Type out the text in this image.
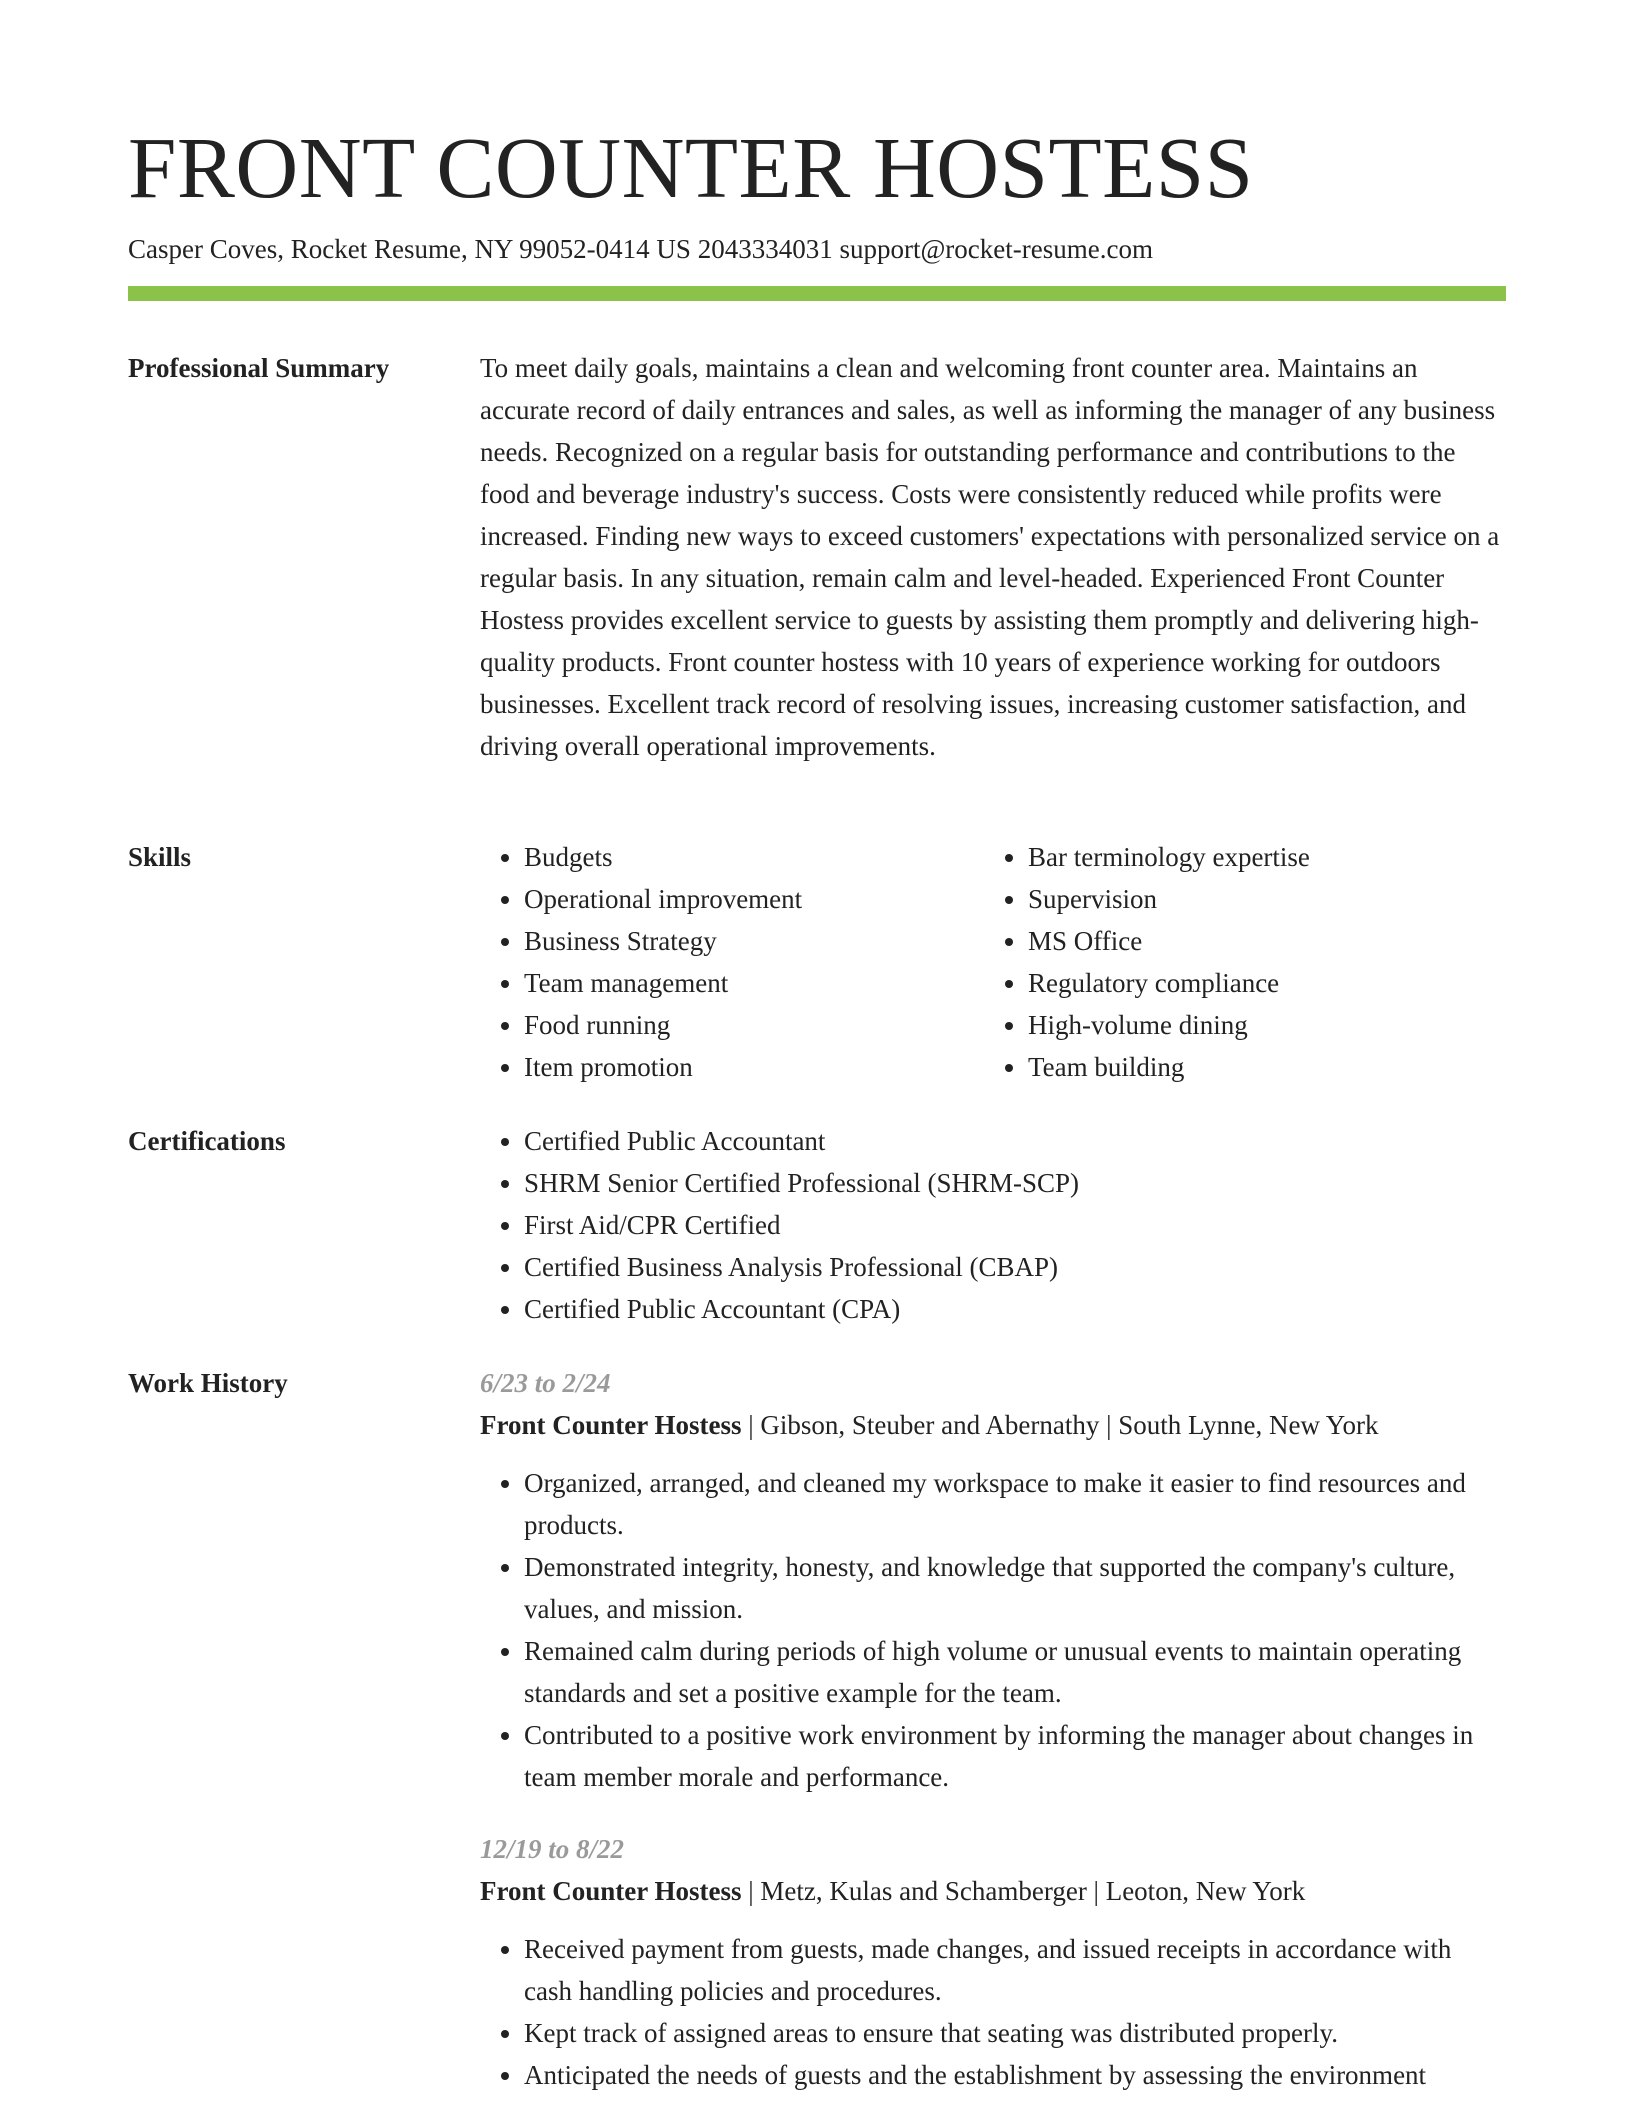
FRONT COUNTER HOSTESS
Casper Coves, Rocket Resume, NY 99052-0414 US 2043334031 support@rocket-resume.com
Professional Summary	To meet daily goals, maintains a clean and welcoming front counter area. Maintains an accurate record of daily entrances and sales, as well as informing the manager of any business needs. Recognized on a regular basis for outstanding performance and contributions to the food and beverage industry's success. Costs were consistently reduced while profits were increased. Finding new ways to exceed customers' expectations with personalized service on a regular basis. In any situation, remain calm and level-headed. Experienced Front Counter Hostess provides excellent service to guests by assisting them promptly and delivering high-quality products. Front counter hostess with 10 years of experience working for outdoors businesses. Excellent track record of resolving issues, increasing customer satisfaction, and driving overall operational improvements.

Skills	• Budgets
• Operational improvement
• Business Strategy
• Team management
• Food running
• Item promotion
• Bar terminology expertise
• Supervision
• MS Office
• Regulatory compliance
• High-volume dining
• Team building
Certifications	• Certified Public Accountant
• SHRM Senior Certified Professional (SHRM-SCP)
• First Aid/CPR Certified
• Certified Business Analysis Professional (CBAP)
• Certified Public Accountant (CPA)
Work History	6/23 to 2/24
Front Counter Hostess | Gibson, Steuber and Abernathy | South Lynne, New York
• Organized, arranged, and cleaned my workspace to make it easier to find resources and products.
• Demonstrated integrity, honesty, and knowledge that supported the company's culture, values, and mission.
• Remained calm during periods of high volume or unusual events to maintain operating standards and set a positive example for the team.
• Contributed to a positive work environment by informing the manager about changes in team member morale and performance.
12/19 to 8/22
Front Counter Hostess | Metz, Kulas and Schamberger | Leoton, New York
• Received payment from guests, made changes, and issued receipts in accordance with cash handling policies and procedures.
• Kept track of assigned areas to ensure that seating was distributed properly.
• Anticipated the needs of guests and the establishment by assessing the environment
